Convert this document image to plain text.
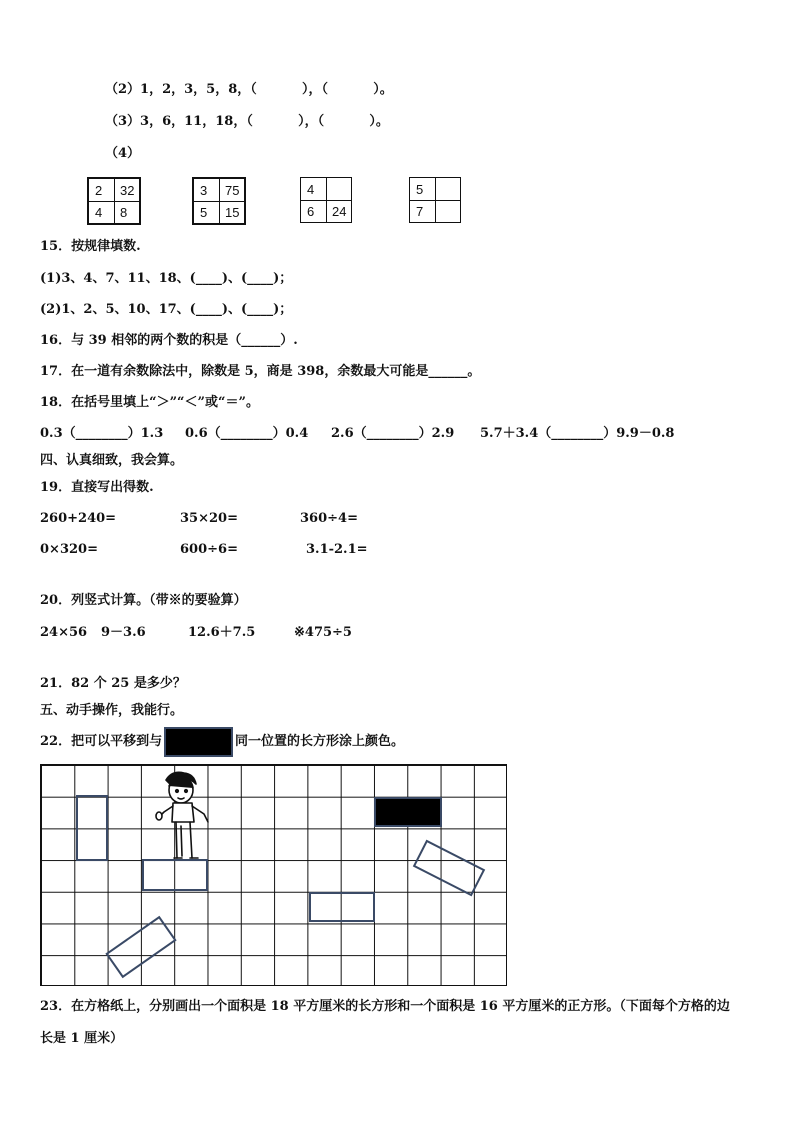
（2）1，2，3，5，8，（          ），（          ）。
（3）3，6，11，18，（          ），（          ）。
（4）
2	32
4	8
3	75
5	15
4
6	24
5
7
15．按规律填数.
(1)3、4、7、11、18、(____)、(____)；
(2)1、2、5、10、17、(____)、(____)；
16．与 39 相邻的两个数的积是（______）.
17．在一道有余数除法中，除数是 5，商是 398，余数最大可能是______。
18．在括号里填上“＞”“＜”或“＝”。
0.3（________）1.3 0.6（________）0.4 2.6（________）2.9 5.7＋3.4（________）9.9－0.8
四、认真细致，我会算。
19．直接写出得数.
260+240=	35×20=	360÷4=
0×320=	600÷6=	3.1-2.1=
20．列竖式计算。（带※的要验算）
24×56 9－3.6	12.6＋7.5	※475÷5
21．82 个 25 是多少？
五、动手操作，我能行。
22．把可以平移到与	同一位置的长方形涂上颜色。
23．在方格纸上，分别画出一个面积是 18 平方厘米的长方形和一个面积是 16 平方厘米的正方形。（下面每个方格的边
长是 1 厘米）
